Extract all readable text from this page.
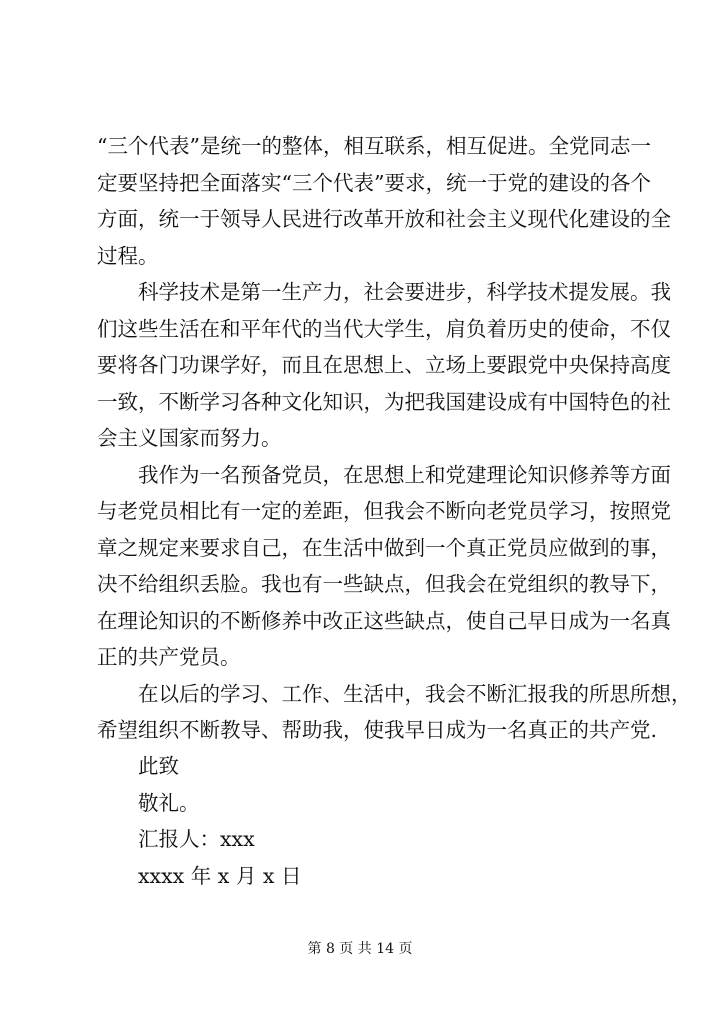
“三个代表”是统一的整体，相互联系，相互促进。全党同志一
定要坚持把全面落实“三个代表”要求，统一于党的建设的各个
方面，统一于领导人民进行改革开放和社会主义现代化建设的全
过程。

科学技术是第一生产力，社会要进步，科学技术提发展。我
们这些生活在和平年代的当代大学生，肩负着历史的使命，不仅
要将各门功课学好，而且在思想上、立场上要跟党中央保持高度
一致，不断学习各种文化知识，为把我国建设成有中国特色的社
会主义国家而努力。

我作为一名预备党员，在思想上和党建理论知识修养等方面
与老党员相比有一定的差距，但我会不断向老党员学习，按照党
章之规定来要求自己，在生活中做到一个真正党员应做到的事，
决不给组织丢脸。我也有一些缺点，但我会在党组织的教导下，
在理论知识的不断修养中改正这些缺点，使自己早日成为一名真
正的共产党员。

在以后的学习、工作、生活中，我会不断汇报我的所思所想，
希望组织不断教导、帮助我，使我早日成为一名真正的共产党.

此致
敬礼。
汇报人：xxx
xxxx 年 x 月 x 日
第 8 页 共 14 页
